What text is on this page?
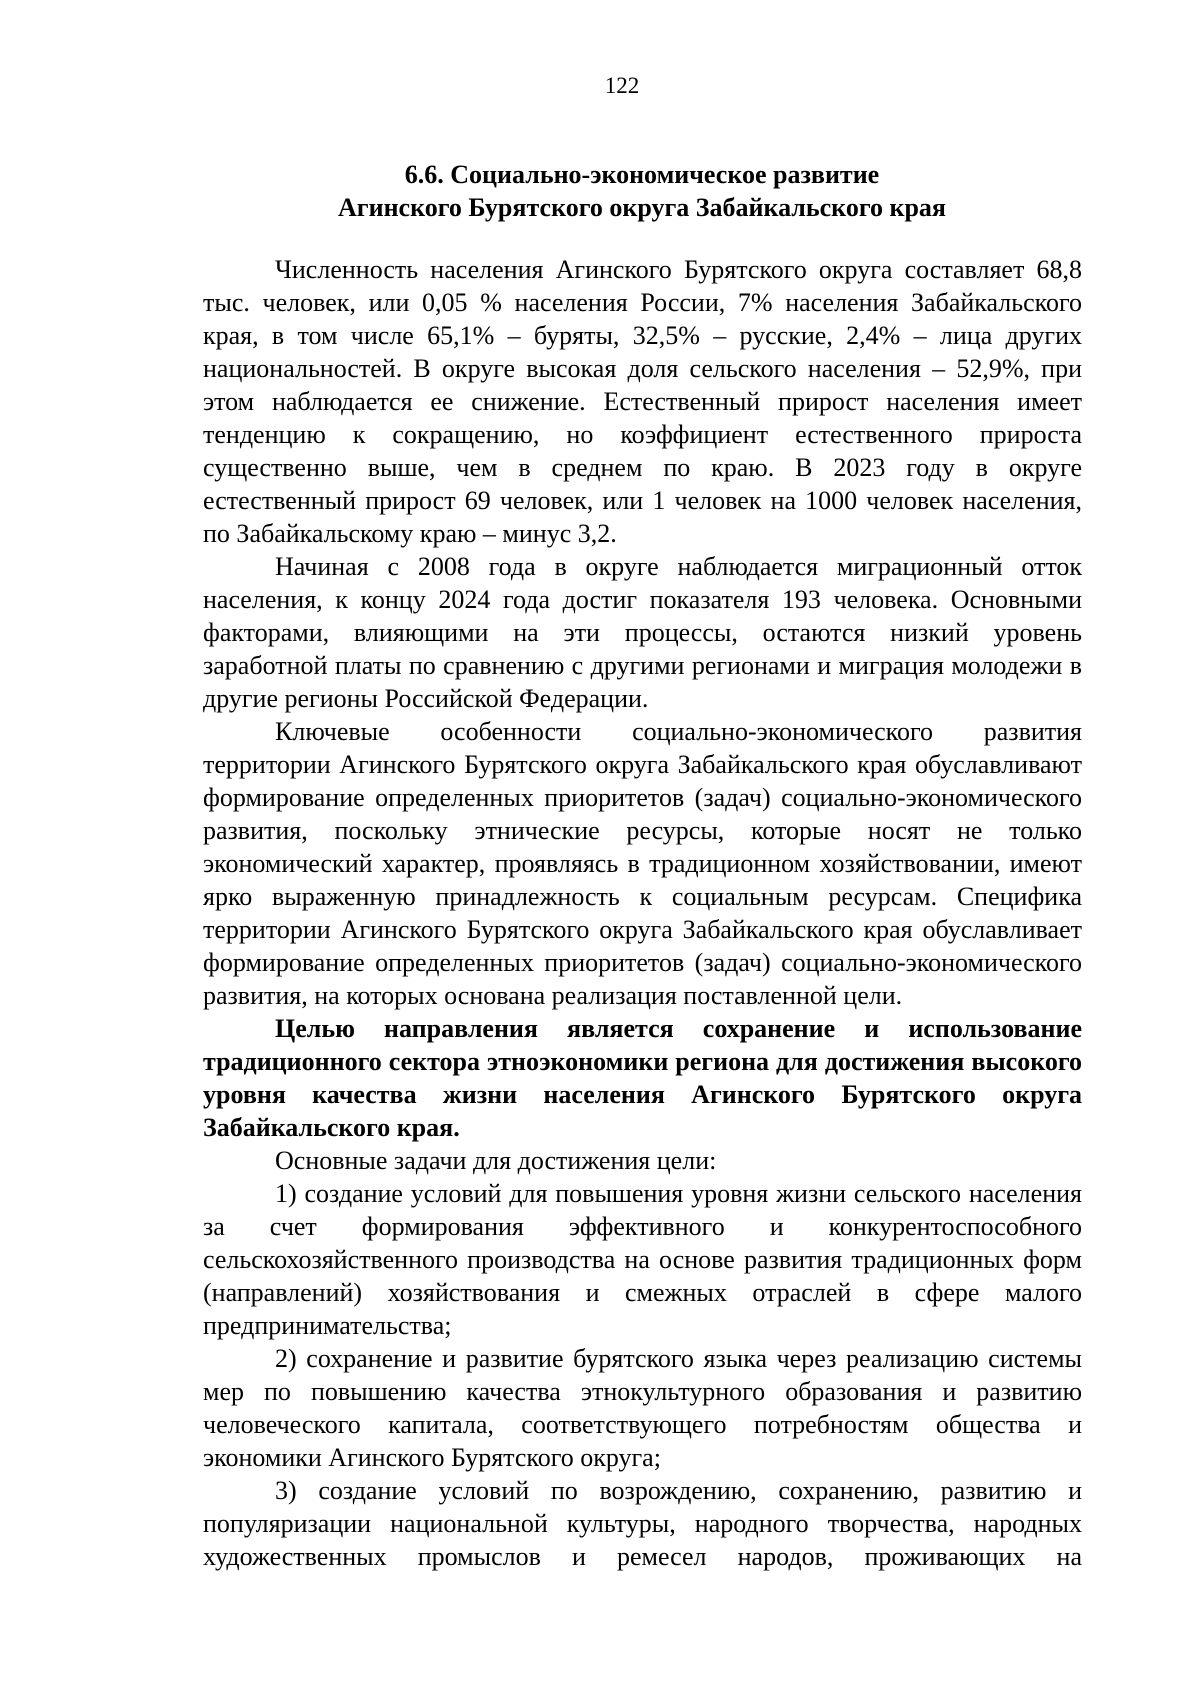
122
6.6. Социально-экономическое развитие
Агинского Бурятского округа Забайкальского края

Численность населения Агинского Бурятского округа составляет 68,8 тыс. человек, или 0,05 % населения России, 7% населения Забайкальского края, в том числе 65,1% – буряты, 32,5% – русские, 2,4% – лица других национальностей. В округе высокая доля сельского населения – 52,9%, при этом наблюдается ее снижение. Естественный прирост населения имеет тенденцию к сокращению, но коэффициент естественного прироста существенно выше, чем в среднем по краю. В 2023 году в округе естественный прирост 69 человек, или 1 человек на 1000 человек населения, по Забайкальскому краю – минус 3,2.

Начиная с 2008 года в округе наблюдается миграционный отток населения, к концу 2024 года достиг показателя 193 человека. Основными факторами, влияющими на эти процессы, остаются низкий уровень заработной платы по сравнению с другими регионами и миграция молодежи в другие регионы Российской Федерации.

Ключевые особенности социально-экономического развития территории Агинского Бурятского округа Забайкальского края обуславливают формирование определенных приоритетов (задач) социально-экономического развития, поскольку этнические ресурсы, которые носят не только экономический характер, проявляясь в традиционном хозяйствовании, имеют ярко выраженную принадлежность к социальным ресурсам. Специфика территории Агинского Бурятского округа Забайкальского края обуславливает формирование определенных приоритетов (задач) социально-экономического развития, на которых основана реализация поставленной цели.

Целью направления является сохранение и использование традиционного сектора этноэкономики региона для достижения высокого уровня качества жизни населения Агинского Бурятского округа Забайкальского края.

Основные задачи для достижения цели:

1) создание условий для повышения уровня жизни сельского населения за счет формирования эффективного и конкурентоспособного сельскохозяйственного производства на основе развития традиционных форм (направлений) хозяйствования и смежных отраслей в сфере малого предпринимательства;

2) сохранение и развитие бурятского языка через реализацию системы мер по повышению качества этнокультурного образования и развитию человеческого капитала, соответствующего потребностям общества и экономики Агинского Бурятского округа;

3) создание условий по возрождению, сохранению, развитию и популяризации национальной культуры, народного творчества, народных художественных промыслов и ремесел народов, проживающих на
